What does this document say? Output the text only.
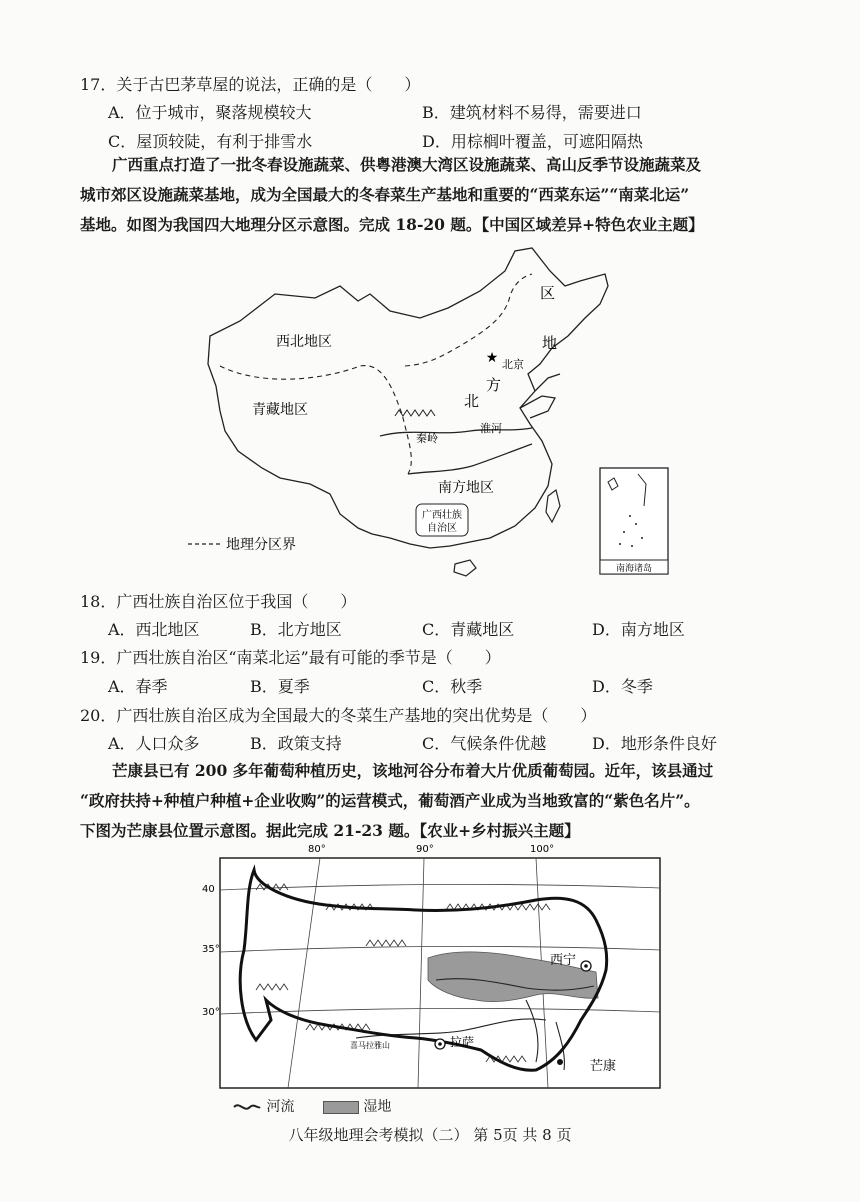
17．关于古巴茅草屋的说法，正确的是（　　）
A．位于城市，聚落规模较大	B．建筑材料不易得，需要进口
C．屋顶较陡，有利于排雪水	D．用棕榈叶覆盖，可遮阳隔热
广西重点打造了一批冬春设施蔬菜、供粤港澳大湾区设施蔬菜、高山反季节设施蔬菜及
城市郊区设施蔬菜基地，成为全国最大的冬春菜生产基地和重要的“西菜东运”“南菜北运”
基地。如图为我国四大地理分区示意图。完成 18-20 题。【中国区域差异+特色农业主题】
西北地区
青藏地区
南方地区
区
地
方
北
★ 北京
秦岭
淮河
广西壮族
自治区
南海诸岛
地理分区界
18．广西壮族自治区位于我国（　　）
A．西北地区	B．北方地区	C．青藏地区	D．南方地区
19．广西壮族自治区“南菜北运”最有可能的季节是（　　）
A．春季	B．夏季	C．秋季	D．冬季
20．广西壮族自治区成为全国最大的冬菜生产基地的突出优势是（　　）
A．人口众多	B．政策支持	C．气候条件优越	D．地形条件良好
芒康县已有 200 多年葡萄种植历史，该地河谷分布着大片优质葡萄园。近年，该县通过
“政府扶持+种植户种植+企业收购”的运营模式，葡萄酒产业成为当地致富的“紫色名片”。
下图为芒康县位置示意图。据此完成 21-23 题。【农业+乡村振兴主题】
80°	90°	100°
40
35°
30°
西宁
拉萨
芒康
喜马拉雅山
河流	湿地
八年级地理会考模拟（二） 第 5页 共 8 页
